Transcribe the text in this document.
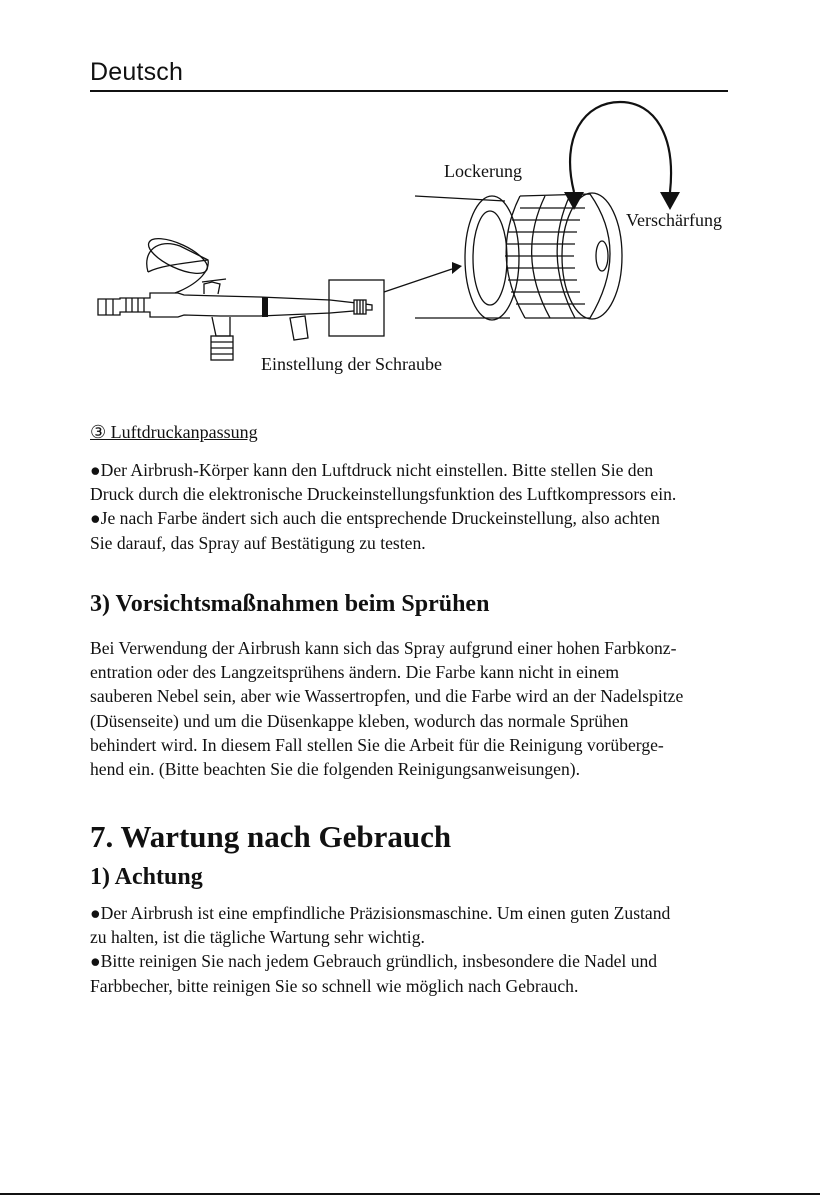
Deutsch
Lockerung
Verschärfung
Einstellung der Schraube
③ Luftdruckanpassung

●Der Airbrush-Körper kann den Luftdruck nicht einstellen. Bitte stellen Sie den

Druck durch die elektronische Druckeinstellungsfunktion des Luftkompressors ein.

●Je nach Farbe ändert sich auch die entsprechende Druckeinstellung, also achten

Sie darauf, das Spray auf Bestätigung zu testen.

3) Vorsichtsmaßnahmen beim Sprühen

Bei Verwendung der Airbrush kann sich das Spray aufgrund einer hohen Farbkonz-

entration oder des Langzeitsprühens ändern. Die Farbe kann nicht in einem

sauberen Nebel sein, aber wie Wassertropfen, und die Farbe wird an der Nadelspitze

(Düsenseite) und um die Düsenkappe kleben, wodurch das normale Sprühen

behindert wird. In diesem Fall stellen Sie die Arbeit für die Reinigung vorüberge-

hend ein. (Bitte beachten Sie die folgenden Reinigungsanweisungen).

7. Wartung nach Gebrauch
1) Achtung

●Der Airbrush ist eine empfindliche Präzisionsmaschine. Um einen guten Zustand

zu halten, ist die tägliche Wartung sehr wichtig.

●Bitte reinigen Sie nach jedem Gebrauch gründlich, insbesondere die Nadel und

Farbbecher, bitte reinigen Sie so schnell wie möglich nach Gebrauch.
